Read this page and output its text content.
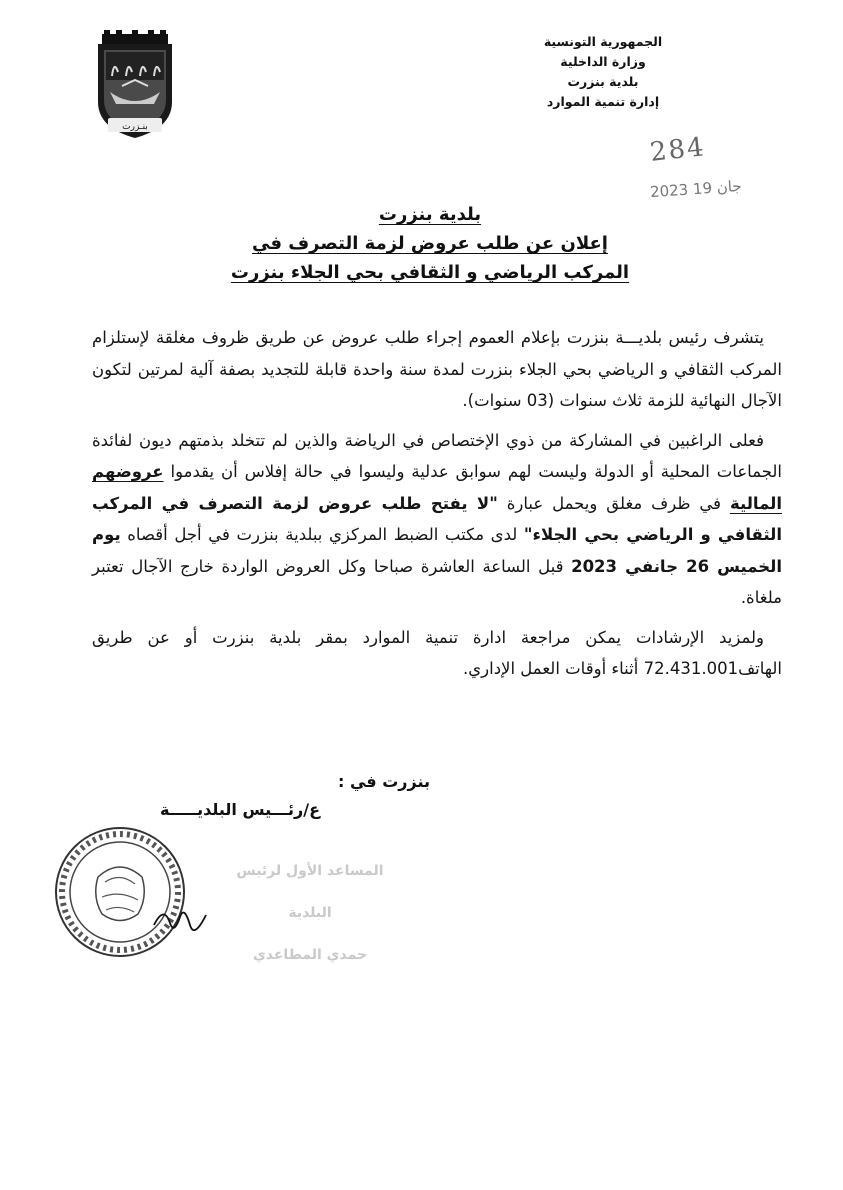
بنـزرت
الجمهورية التونسية
وزارة الداخلية
بلدية بنزرت
إدارة تنمية الموارد
284
2023 جان 19
بلدية بنزرت
إعلان عن طلب عروض لزمة التصرف في
المركب الرياضي و الثقافي بحي الجلاء بنزرت

يتشرف رئيس بلديـــة بنزرت بإعلام العموم إجراء طلب عروض عن طريق ظروف مغلقة لإستلزام المركب الثقافي و الرياضي بحي الجلاء بنزرت لمدة سنة واحدة قابلة للتجديد بصفة آلية لمرتين لتكون الآجال النهائية للزمة ثلاث سنوات (03 سنوات).

فعلى الراغبين في المشاركة من ذوي الإختصاص في الرياضة والذين لم تتخلد بذمتهم ديون لفائدة الجماعات المحلية أو الدولة وليست لهم سوابق عدلية وليسوا في حالة إفلاس أن يقدموا عروضهم المالية في ظرف مغلق ويحمل عبارة "لا يفتح طلب عروض لزمة التصرف في المركب الثقافي و الرياضي بحي الجلاء" لدى مكتب الضبط المركزي ببلدية بنزرت في أجل أقصاه يوم الخميس 26 جانفي 2023 قبل الساعة العاشرة صباحا وكل العروض الواردة خارج الآجال تعتبر ملغاة.

ولمزيد الإرشادات يمكن مراجعة ادارة تنمية الموارد بمقر بلدية بنزرت أو عن طريق الهاتف72.431.001 أثناء أوقات العمل الإداري.

بنزرت في :
ع/رئـــيس البلديـــــة
المساعد الأول لرئيس البلدية
حمدي المطاعدي
